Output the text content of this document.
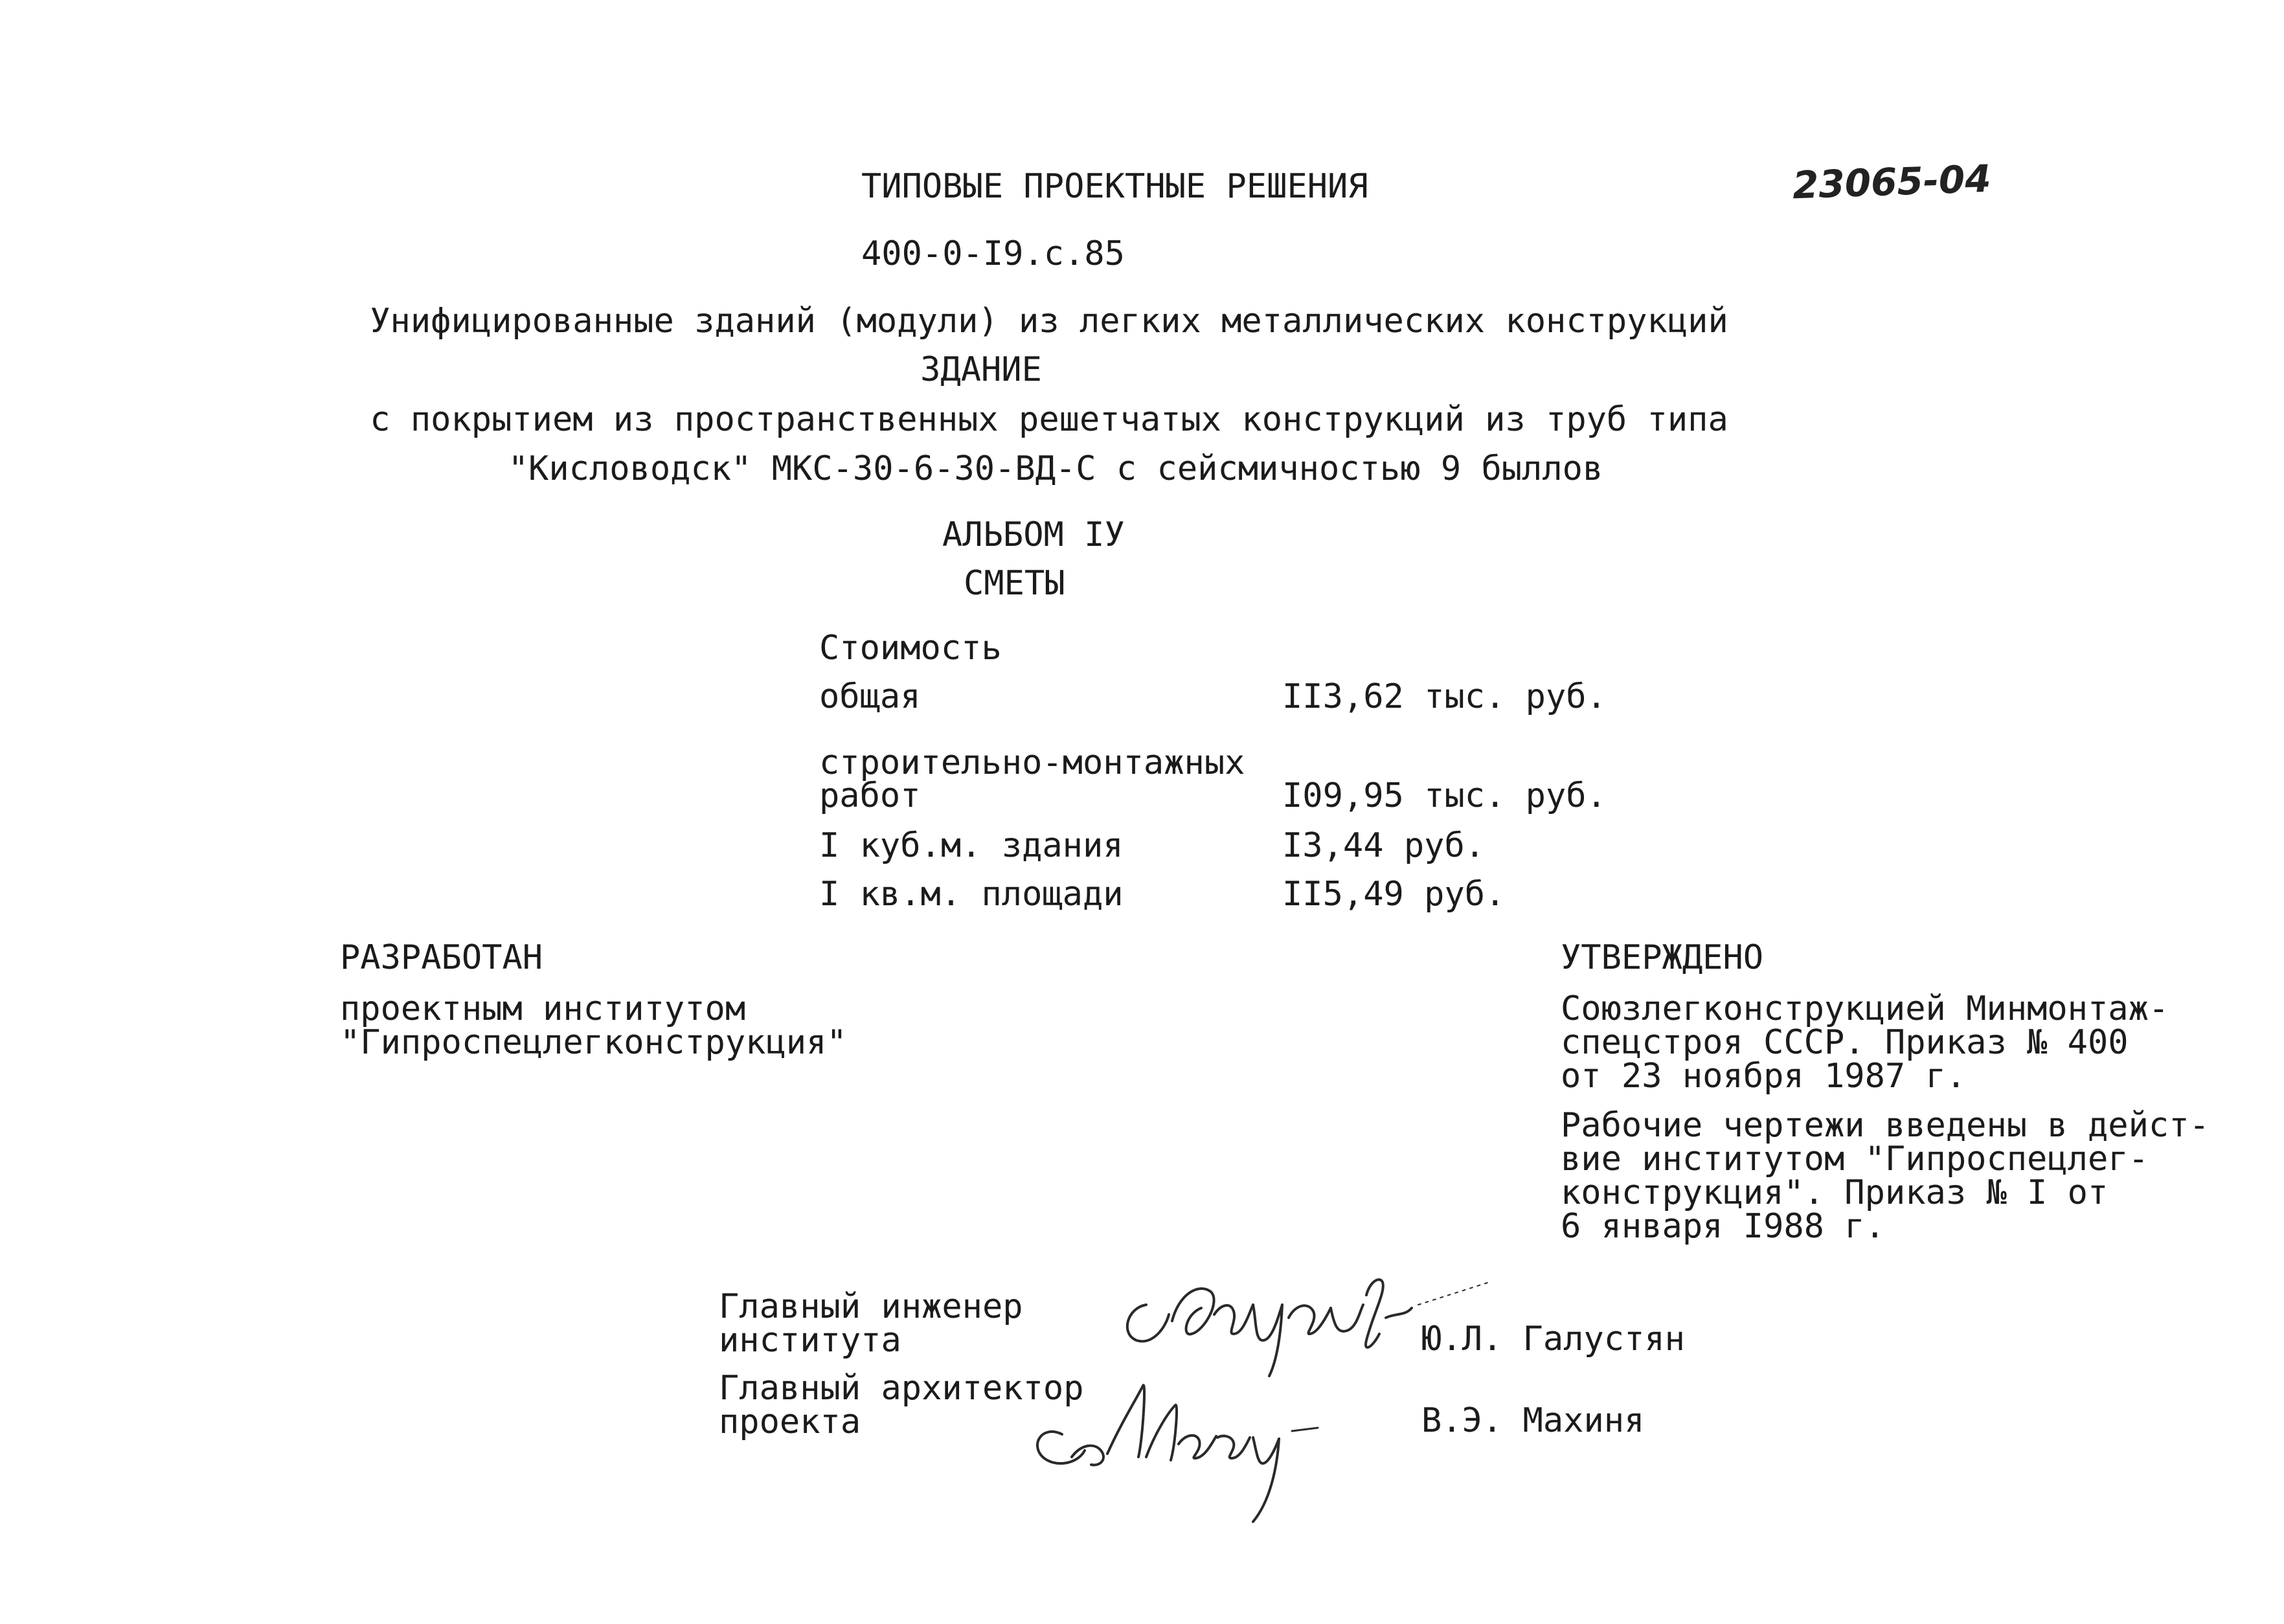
ТИПОВЫЕ ПРОЕКТНЫЕ РЕШЕНИЯ	23065-04
400-0-I9.с.85
Унифицированные зданий (модули) из легких металлических конструкций
ЗДАНИЕ
с покрытием из пространственных решетчатых конструкций из труб типа
"Кисловодск" МКС-30-6-30-ВД-С с сейсмичностью 9 быллов
АЛЬБОМ IУ
СМЕТЫ
Стоимость
общая	II3,62 тыс. руб.
строительно-монтажных
работ	I09,95 тыс. руб.
I куб.м. здания	I3,44 руб.
I кв.м. площади	II5,49 руб.
РАЗРАБОТАН
проектным институтом
"Гипроспецлегконструкция"
УТВЕРЖДЕНО
Союзлегконструкцией Минмонтаж-
спецстроя СССР. Приказ № 400
от 23 ноября 1987 г.
Рабочие чертежи введены в дейст-
вие институтом "Гипроспецлег-
конструкция". Приказ № I от
6 января I988 г.
Главный инженер
института	Ю.Л. Галустян
Главный архитектор
проекта	В.Э. Махиня
